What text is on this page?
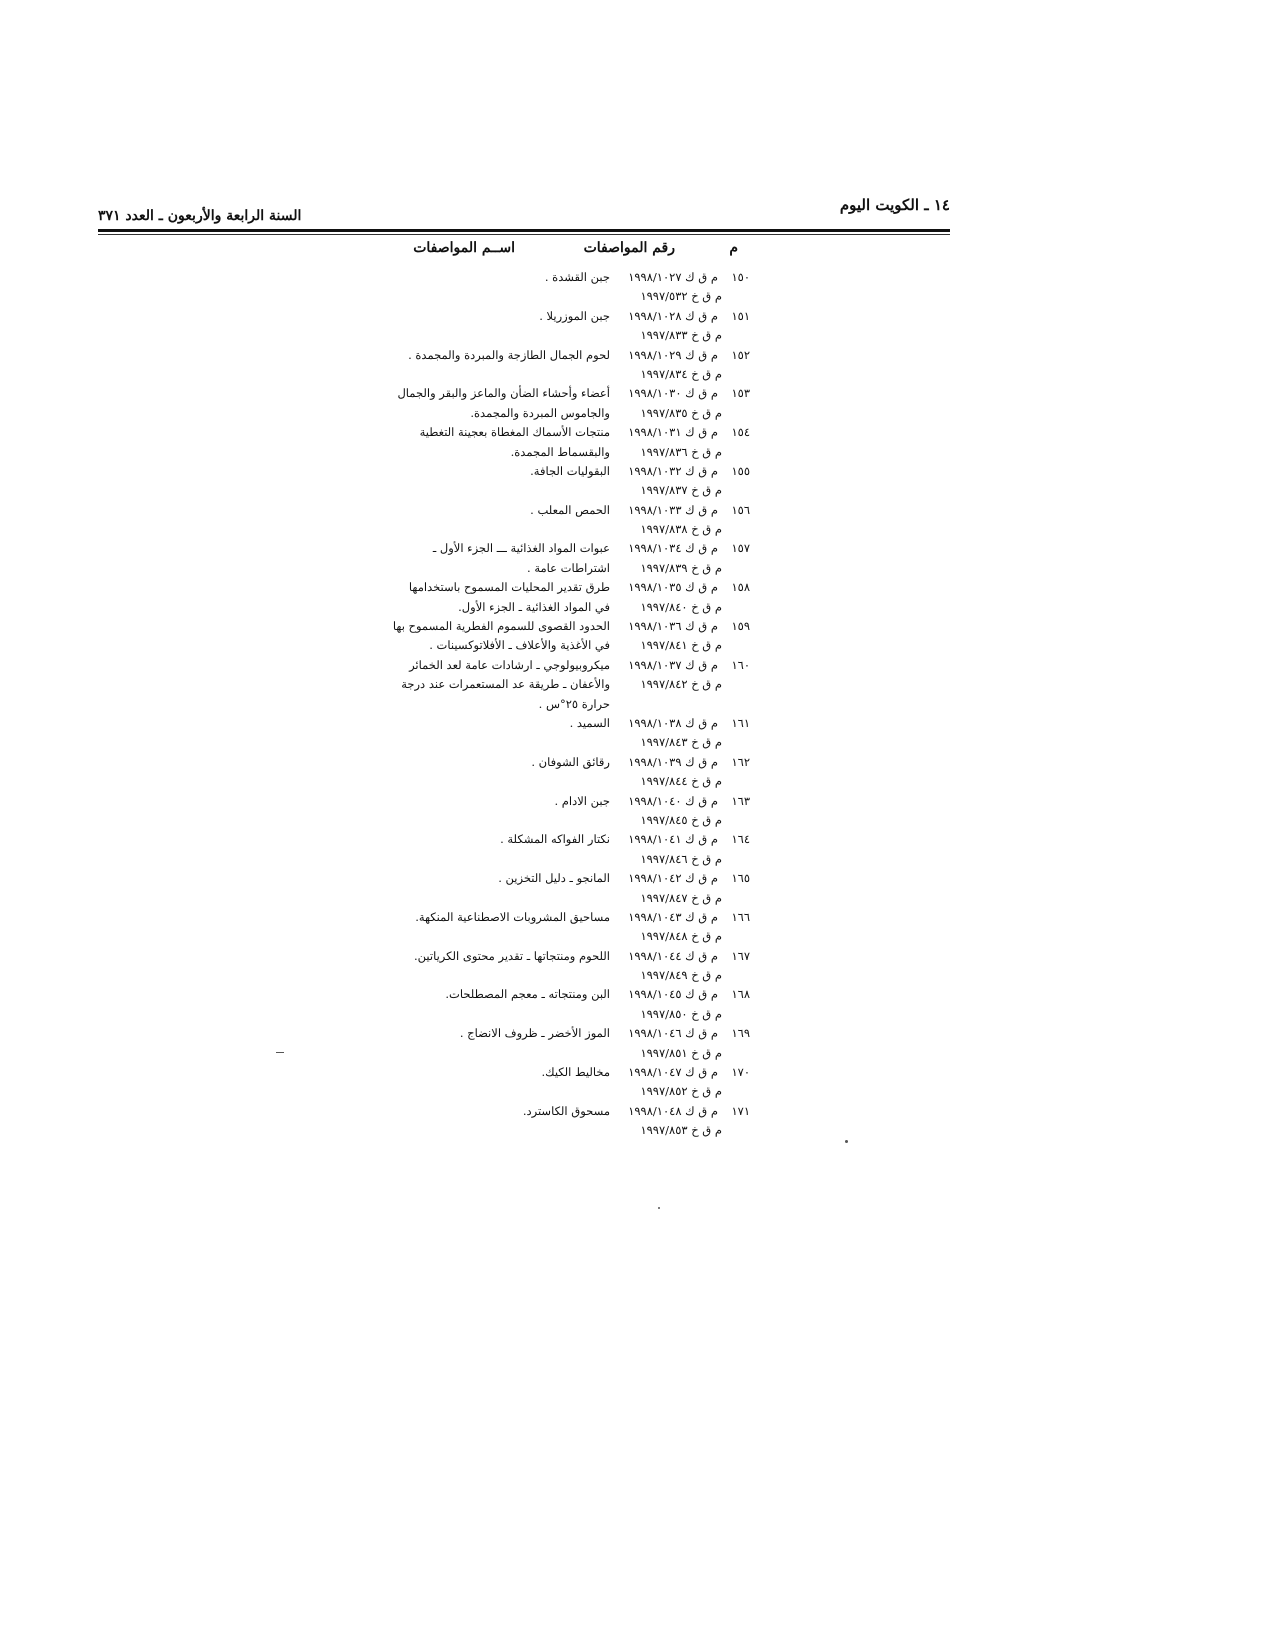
١٤ ـ الكويت اليوم
السنة الرابعة والأربعون ـ العدد ٣٧١
م
رقم المواصفات
اســم المواصفات
١٥٠
م ق ك ١٩٩٨/١٠٢٧
جبن القشدة .
م ق خ ١٩٩٧/٥٣٢
١٥١
م ق ك ١٩٩٨/١٠٢٨
جبن الموزريلا .
م ق خ ١٩٩٧/٨٣٣
١٥٢
م ق ك ١٩٩٨/١٠٢٩
لحوم الجمال الطازجة والمبردة والمجمدة .
م ق خ ١٩٩٧/٨٣٤
١٥٣
م ق ك ١٩٩٨/١٠٣٠
أعضاء وأحشاء الضأن والماعز والبقر والجمال
م ق خ ١٩٩٧/٨٣٥
والجاموس المبردة والمجمدة.
١٥٤
م ق ك ١٩٩٨/١٠٣١
منتجات الأسماك المغطاة بعجينة التغطية
م ق خ ١٩٩٧/٨٣٦
والبقسماط المجمدة.
١٥٥
م ق ك ١٩٩٨/١٠٣٢
البقوليات الجافة.
م ق خ ١٩٩٧/٨٣٧
١٥٦
م ق ك ١٩٩٨/١٠٣٣
الحمص المعلب .
م ق خ ١٩٩٧/٨٣٨
١٥٧
م ق ك ١٩٩٨/١٠٣٤
عبوات المواد الغذائية ـــ الجزء الأول ـ
م ق خ ١٩٩٧/٨٣٩
اشتراطات عامة .
١٥٨
م ق ك ١٩٩٨/١٠٣٥
طرق تقدير المحليات المسموح باستخدامها
م ق خ ١٩٩٧/٨٤٠
في المواد الغذائية ـ الجزء الأول.
١٥٩
م ق ك ١٩٩٨/١٠٣٦
الحدود القصوى للسموم الفطرية المسموح بها
م ق خ ١٩٩٧/٨٤١
في الأغذية والأعلاف ـ الأفلاتوكسينات .
١٦٠
م ق ك ١٩٩٨/١٠٣٧
ميكروبيولوجي ـ ارشادات عامة لعد الخمائر
م ق خ ١٩٩٧/٨٤٢
والأعفان ـ طريقة عد المستعمرات عند درجة
حرارة ٢٥°س .
١٦١
م ق ك ١٩٩٨/١٠٣٨
السميد .
م ق خ ١٩٩٧/٨٤٣
١٦٢
م ق ك ١٩٩٨/١٠٣٩
رقائق الشوفان .
م ق خ ١٩٩٧/٨٤٤
١٦٣
م ق ك ١٩٩٨/١٠٤٠
جبن الادام .
م ق خ ١٩٩٧/٨٤٥
١٦٤
م ق ك ١٩٩٨/١٠٤١
نكتار الفواكه المشكلة .
م ق خ ١٩٩٧/٨٤٦
١٦٥
م ق ك ١٩٩٨/١٠٤٢
المانجو ـ دليل التخزين .
م ق خ ١٩٩٧/٨٤٧
١٦٦
م ق ك ١٩٩٨/١٠٤٣
مساحيق المشروبات الاصطناعية المنكهة.
م ق خ ١٩٩٧/٨٤٨
١٦٧
م ق ك ١٩٩٨/١٠٤٤
اللحوم ومنتجاتها ـ تقدير محتوى الكرياتين.
م ق خ ١٩٩٧/٨٤٩
١٦٨
م ق ك ١٩٩٨/١٠٤٥
البن ومنتجاته ـ معجم المصطلحات.
م ق خ ١٩٩٧/٨٥٠
١٦٩
م ق ك ١٩٩٨/١٠٤٦
الموز الأخضر ـ ظروف الانضاج .
م ق خ ١٩٩٧/٨٥١
١٧٠
م ق ك ١٩٩٨/١٠٤٧
مخاليط الكيك.
م ق خ ١٩٩٧/٨٥٢
١٧١
م ق ك ١٩٩٨/١٠٤٨
مسحوق الكاسترد.
م ق خ ١٩٩٧/٨٥٣
